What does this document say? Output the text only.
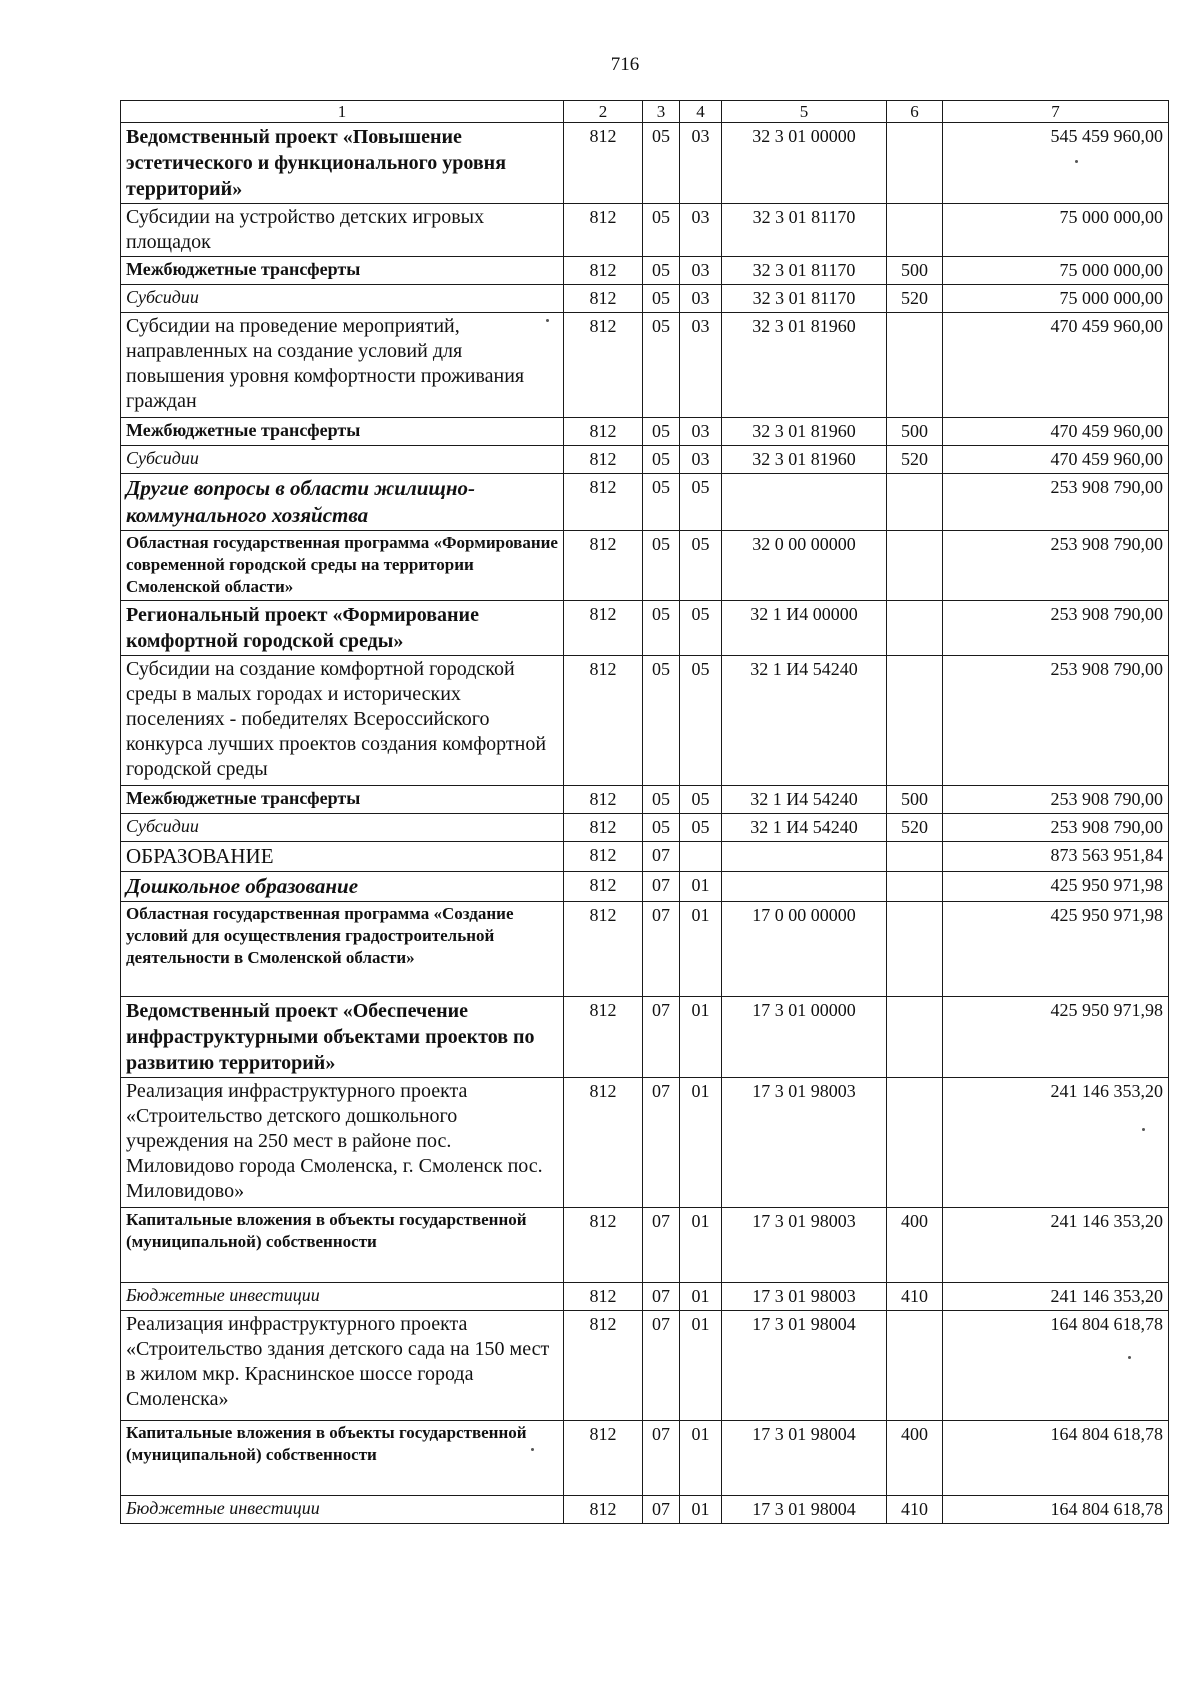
716
1	2	3	4	5	6	7
Ведомственный проект «Повышение эстетического и функционального уровня территорий»	812	05	03	32 3 01 00000		545 459 960,00
Субсидии на устройство детских игровых площадок	812	05	03	32 3 01 81170		75 000 000,00
Межбюджетные трансферты	812	05	03	32 3 01 81170	500	75 000 000,00
Субсидии	812	05	03	32 3 01 81170	520	75 000 000,00
Субсидии на проведение мероприятий, направленных на создание условий для повышения уровня комфортности проживания граждан	812	05	03	32 3 01 81960		470 459 960,00
Межбюджетные трансферты	812	05	03	32 3 01 81960	500	470 459 960,00
Субсидии	812	05	03	32 3 01 81960	520	470 459 960,00
Другие вопросы в области жилищно-коммунального хозяйства	812	05	05			253 908 790,00
Областная государственная программа «Формирование современной городской среды на территории Смоленской области»	812	05	05	32 0 00 00000		253 908 790,00
Региональный проект «Формирование комфортной городской среды»	812	05	05	32 1 И4 00000		253 908 790,00
Субсидии на создание комфортной городской среды в малых городах и исторических поселениях - победителях Всероссийского конкурса лучших проектов создания комфортной городской среды	812	05	05	32 1 И4 54240		253 908 790,00
Межбюджетные трансферты	812	05	05	32 1 И4 54240	500	253 908 790,00
Субсидии	812	05	05	32 1 И4 54240	520	253 908 790,00
ОБРАЗОВАНИЕ	812	07				873 563 951,84
Дошкольное образование	812	07	01			425 950 971,98
Областная государственная программа «Создание условий для осуществления градостроительной деятельности в Смоленской области»	812	07	01	17 0 00 00000		425 950 971,98
Ведомственный проект «Обеспечение инфраструктурными объектами проектов по развитию территорий»	812	07	01	17 3 01 00000		425 950 971,98
Реализация инфраструктурного проекта «Строительство детского дошкольного учреждения на 250 мест в районе пос. Миловидово города Смоленска, г. Смоленск пос. Миловидово»	812	07	01	17 3 01 98003		241 146 353,20
Капитальные вложения в объекты государственной (муниципальной) собственности	812	07	01	17 3 01 98003	400	241 146 353,20
Бюджетные инвестиции	812	07	01	17 3 01 98003	410	241 146 353,20
Реализация инфраструктурного проекта «Строительство здания детского сада на 150 мест в жилом мкр. Краснинское шоссе города Смоленска»	812	07	01	17 3 01 98004		164 804 618,78
Капитальные вложения в объекты государственной (муниципальной) собственности	812	07	01	17 3 01 98004	400	164 804 618,78
Бюджетные инвестиции	812	07	01	17 3 01 98004	410	164 804 618,78
